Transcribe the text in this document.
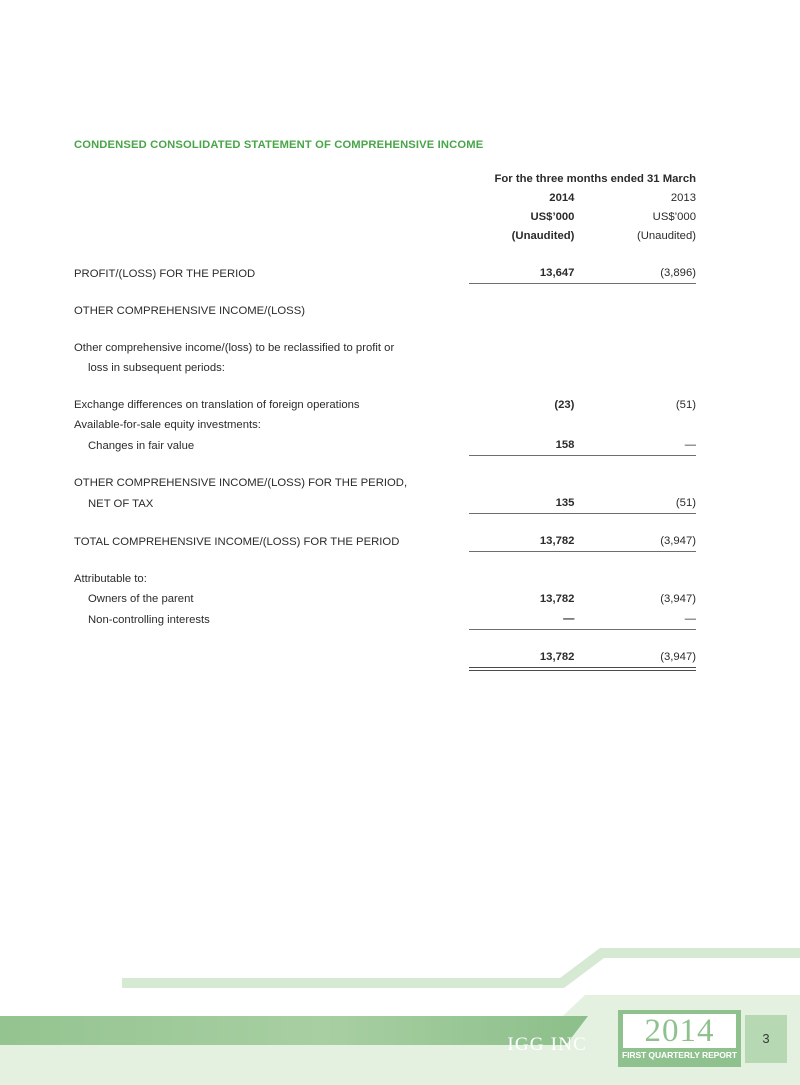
CONDENSED CONSOLIDATED STATEMENT OF COMPREHENSIVE INCOME
	For the three months ended 31 March	
	2014	2013
	US$’000	US$’000
	(Unaudited)	(Unaudited)

PROFIT/(LOSS) FOR THE PERIOD	13,647	(3,896)

OTHER COMPREHENSIVE INCOME/(LOSS)		

Other comprehensive income/(loss) to be reclassified to profit or		
loss in subsequent periods:		

Exchange differences on translation of foreign operations	(23)	(51)
Available-for-sale equity investments:		
Changes in fair value	158	—

OTHER COMPREHENSIVE INCOME/(LOSS) FOR THE PERIOD,		
NET OF TAX	135	(51)

TOTAL COMPREHENSIVE INCOME/(LOSS) FOR THE PERIOD	13,782	(3,947)

Attributable to:		
Owners of the parent	13,782	(3,947)
Non-controlling interests	—	—

	13,782	(3,947)
IGG INC	2014
FIRST QUARTERLY REPORT
3
